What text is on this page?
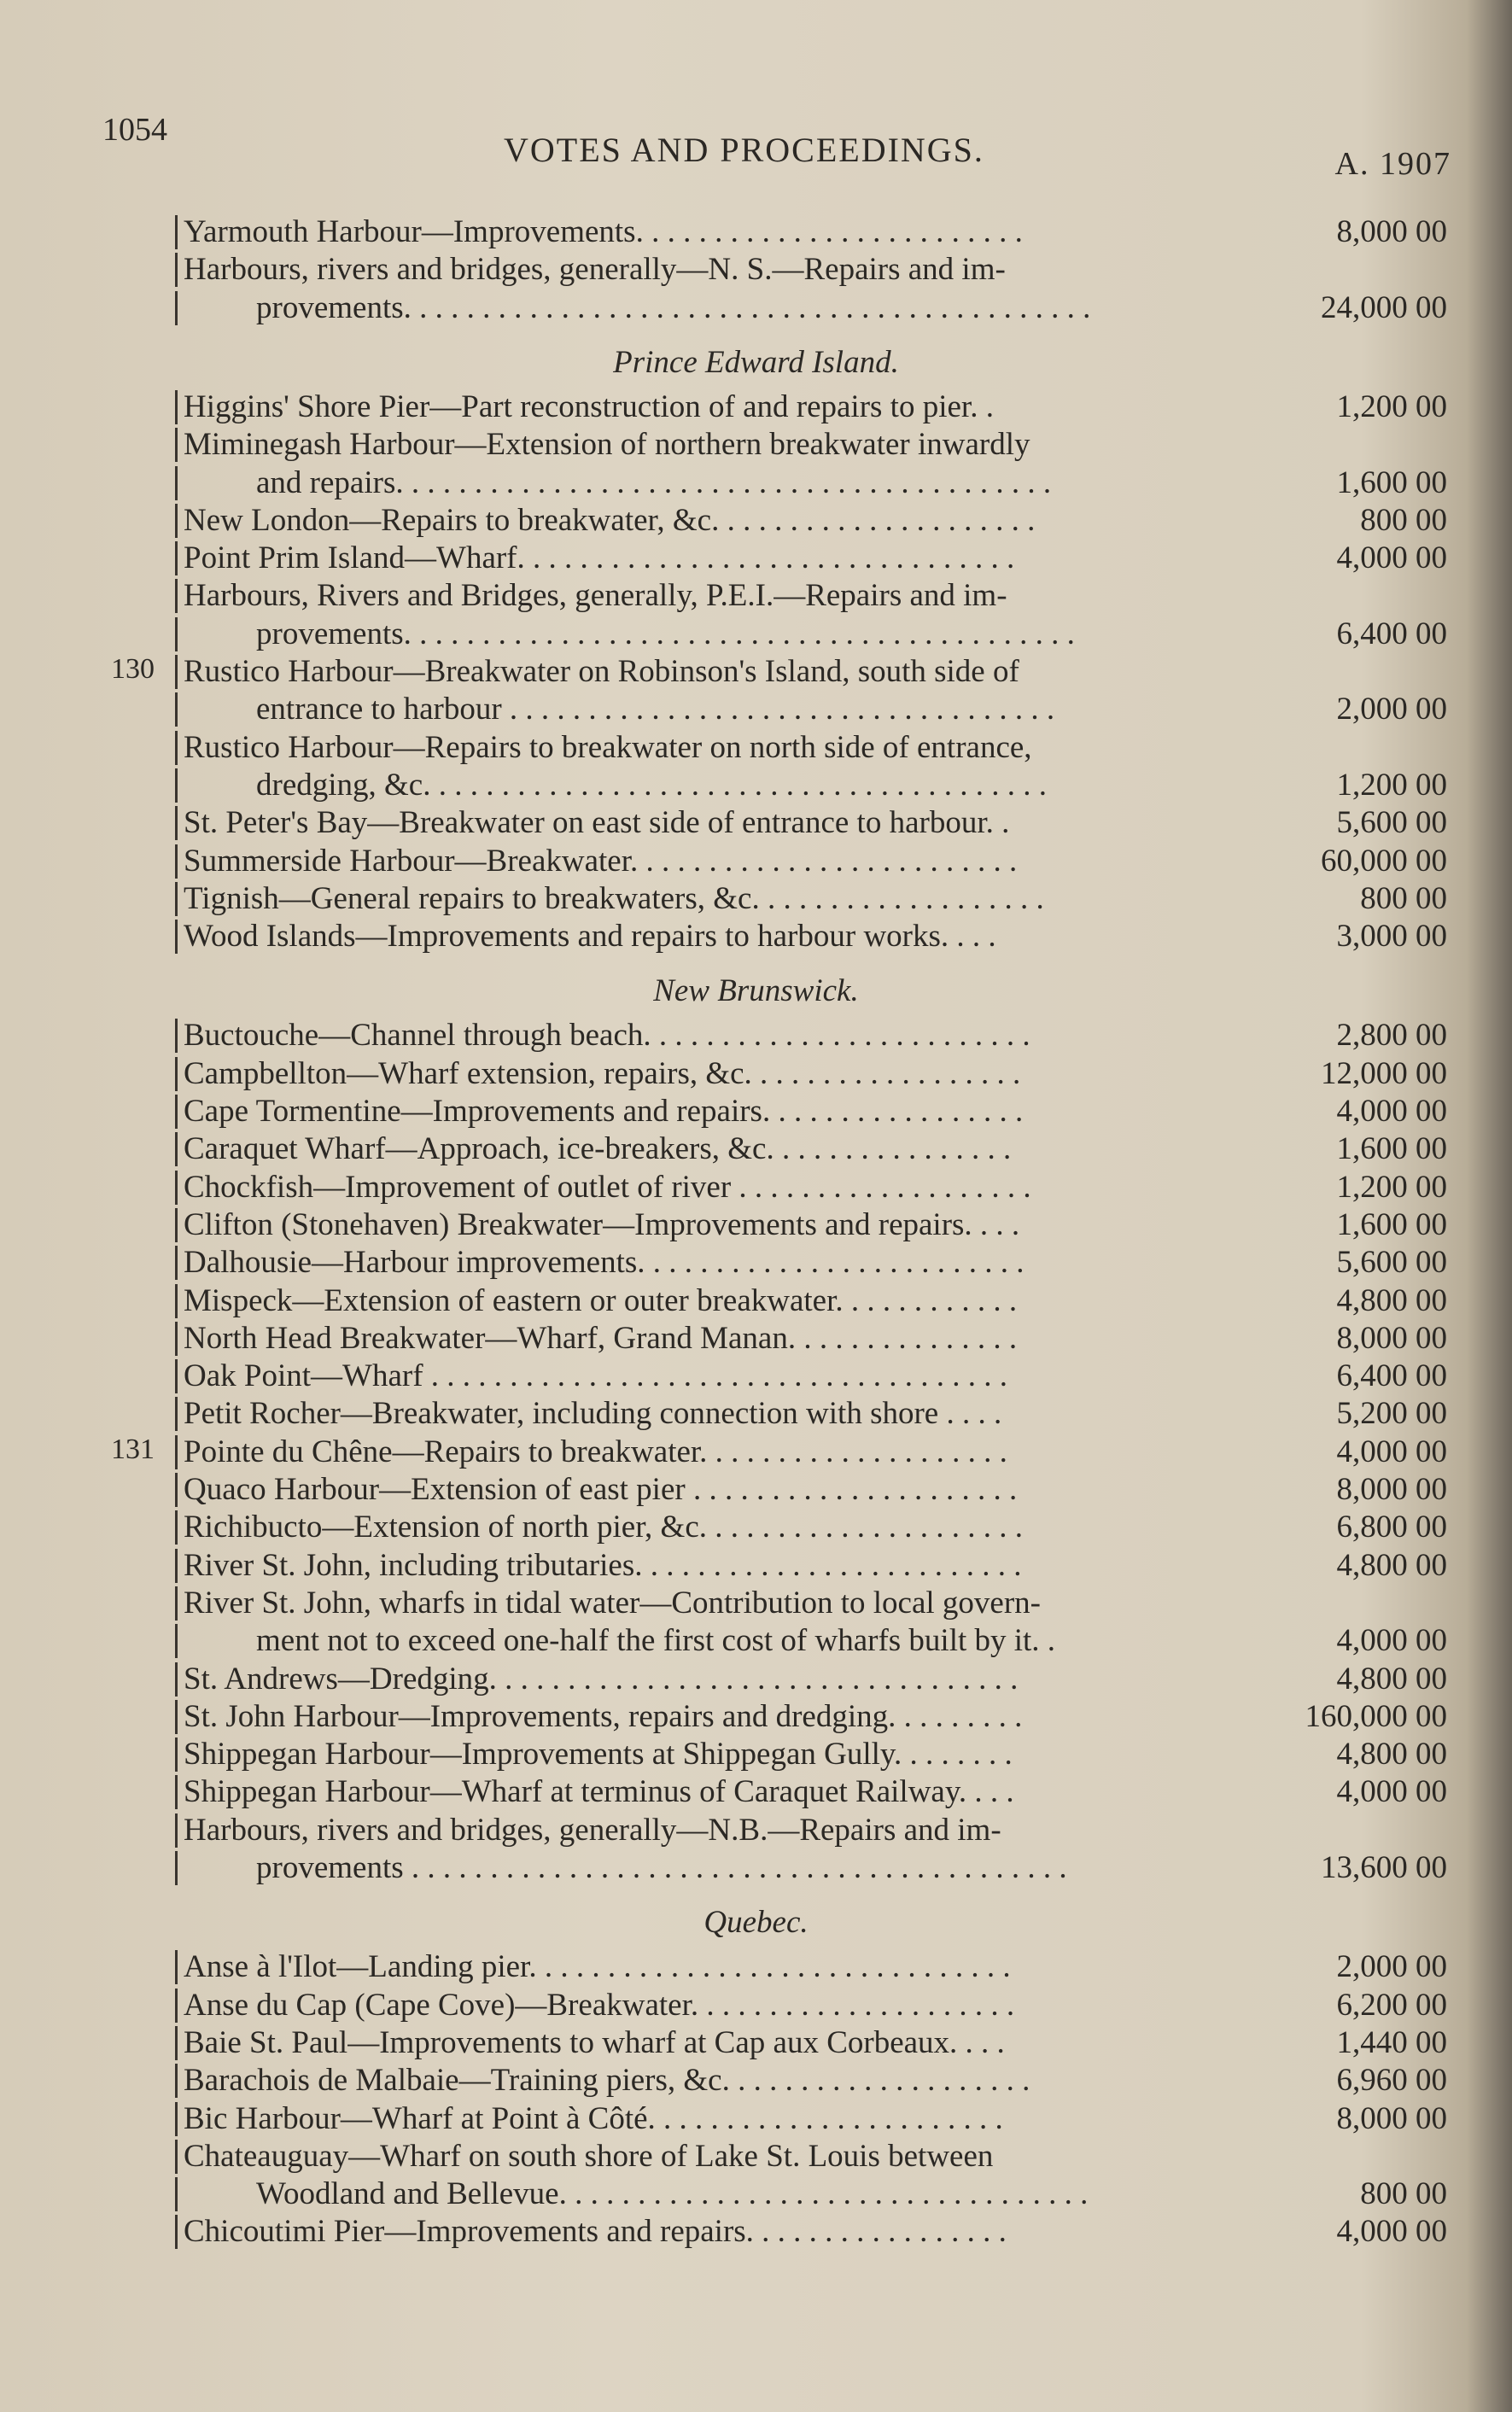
1054
VOTES AND PROCEEDINGS.	A. 1907
Yarmouth Harbour—Improvements. . . . . . . . . . . . . . . . . . . . . . . . .	8,000 00
Harbours, rivers and bridges, generally—N. S.—Repairs and im-
provements. . . . . . . . . . . . . . . . . . . . . . . . . . . . . . . . . . . . . . . . . . . .	24,000 00
Prince Edward Island.
Higgins' Shore Pier—Part reconstruction of and repairs to pier. .	1,200 00
Miminegash Harbour—Extension of northern breakwater inwardly
and repairs. . . . . . . . . . . . . . . . . . . . . . . . . . . . . . . . . . . . . . . . . .	1,600 00
New London—Repairs to breakwater, &c. . . . . . . . . . . . . . . . . . . . .	800 00
Point Prim Island—Wharf. . . . . . . . . . . . . . . . . . . . . . . . . . . . . . . .	4,000 00
Harbours, Rivers and Bridges, generally, P.E.I.—Repairs and im-
provements. . . . . . . . . . . . . . . . . . . . . . . . . . . . . . . . . . . . . . . . . . .	6,400 00
Rustico Harbour—Breakwater on Robinson's Island, south side of
entrance to harbour . . . . . . . . . . . . . . . . . . . . . . . . . . . . . . . . . . .	2,000 00
Rustico Harbour—Repairs to breakwater on north side of entrance,
dredging, &c. . . . . . . . . . . . . . . . . . . . . . . . . . . . . . . . . . . . . . . .	1,200 00
St. Peter's Bay—Breakwater on east side of entrance to harbour. .	5,600 00
Summerside Harbour—Breakwater. . . . . . . . . . . . . . . . . . . . . . . . .	60,000 00
Tignish—General repairs to breakwaters, &c. . . . . . . . . . . . . . . . . . .	800 00
Wood Islands—Improvements and repairs to harbour works. . . .	3,000 00
130
New Brunswick.
Buctouche—Channel through beach. . . . . . . . . . . . . . . . . . . . . . . . .	2,800 00
Campbellton—Wharf extension, repairs, &c. . . . . . . . . . . . . . . . . .	12,000 00
Cape Tormentine—Improvements and repairs. . . . . . . . . . . . . . . . .	4,000 00
Caraquet Wharf—Approach, ice-breakers, &c. . . . . . . . . . . . . . . .	1,600 00
Chockfish—Improvement of outlet of river . . . . . . . . . . . . . . . . . . .	1,200 00
Clifton (Stonehaven) Breakwater—Improvements and repairs. . . .	1,600 00
Dalhousie—Harbour improvements. . . . . . . . . . . . . . . . . . . . . . . . .	5,600 00
Mispeck—Extension of eastern or outer breakwater. . . . . . . . . . . .	4,800 00
North Head Breakwater—Wharf, Grand Manan. . . . . . . . . . . . . . .	8,000 00
Oak Point—Wharf . . . . . . . . . . . . . . . . . . . . . . . . . . . . . . . . . . . . .	6,400 00
Petit Rocher—Breakwater, including connection with shore . . . .	5,200 00
Pointe du Chêne—Repairs to breakwater. . . . . . . . . . . . . . . . . . . .	4,000 00
Quaco Harbour—Extension of east pier . . . . . . . . . . . . . . . . . . . . .	8,000 00
Richibucto—Extension of north pier, &c. . . . . . . . . . . . . . . . . . . . .	6,800 00
River St. John, including tributaries. . . . . . . . . . . . . . . . . . . . . . . . .	4,800 00
River St. John, wharfs in tidal water—Contribution to local govern-
ment not to exceed one-half the first cost of wharfs built by it. .	4,000 00
St. Andrews—Dredging. . . . . . . . . . . . . . . . . . . . . . . . . . . . . . . . . .	4,800 00
St. John Harbour—Improvements, repairs and dredging. . . . . . . . .	160,000 00
Shippegan Harbour—Improvements at Shippegan Gully. . . . . . . .	4,800 00
Shippegan Harbour—Wharf at terminus of Caraquet Railway. . . .	4,000 00
Harbours, rivers and bridges, generally—N.B.—Repairs and im-
provements . . . . . . . . . . . . . . . . . . . . . . . . . . . . . . . . . . . . . . . . . .	13,600 00
131
Quebec.
Anse à l'Ilot—Landing pier. . . . . . . . . . . . . . . . . . . . . . . . . . . . . . .	2,000 00
Anse du Cap (Cape Cove)—Breakwater. . . . . . . . . . . . . . . . . . . . .	6,200 00
Baie St. Paul—Improvements to wharf at Cap aux Corbeaux. . . .	1,440 00
Barachois de Malbaie—Training piers, &c. . . . . . . . . . . . . . . . . . . .	6,960 00
Bic Harbour—Wharf at Point à Côté. . . . . . . . . . . . . . . . . . . . . . .	8,000 00
Chateauguay—Wharf on south shore of Lake St. Louis between
Woodland and Bellevue. . . . . . . . . . . . . . . . . . . . . . . . . . . . . . . . . .	800 00
Chicoutimi Pier—Improvements and repairs. . . . . . . . . . . . . . . . .	4,000 00
